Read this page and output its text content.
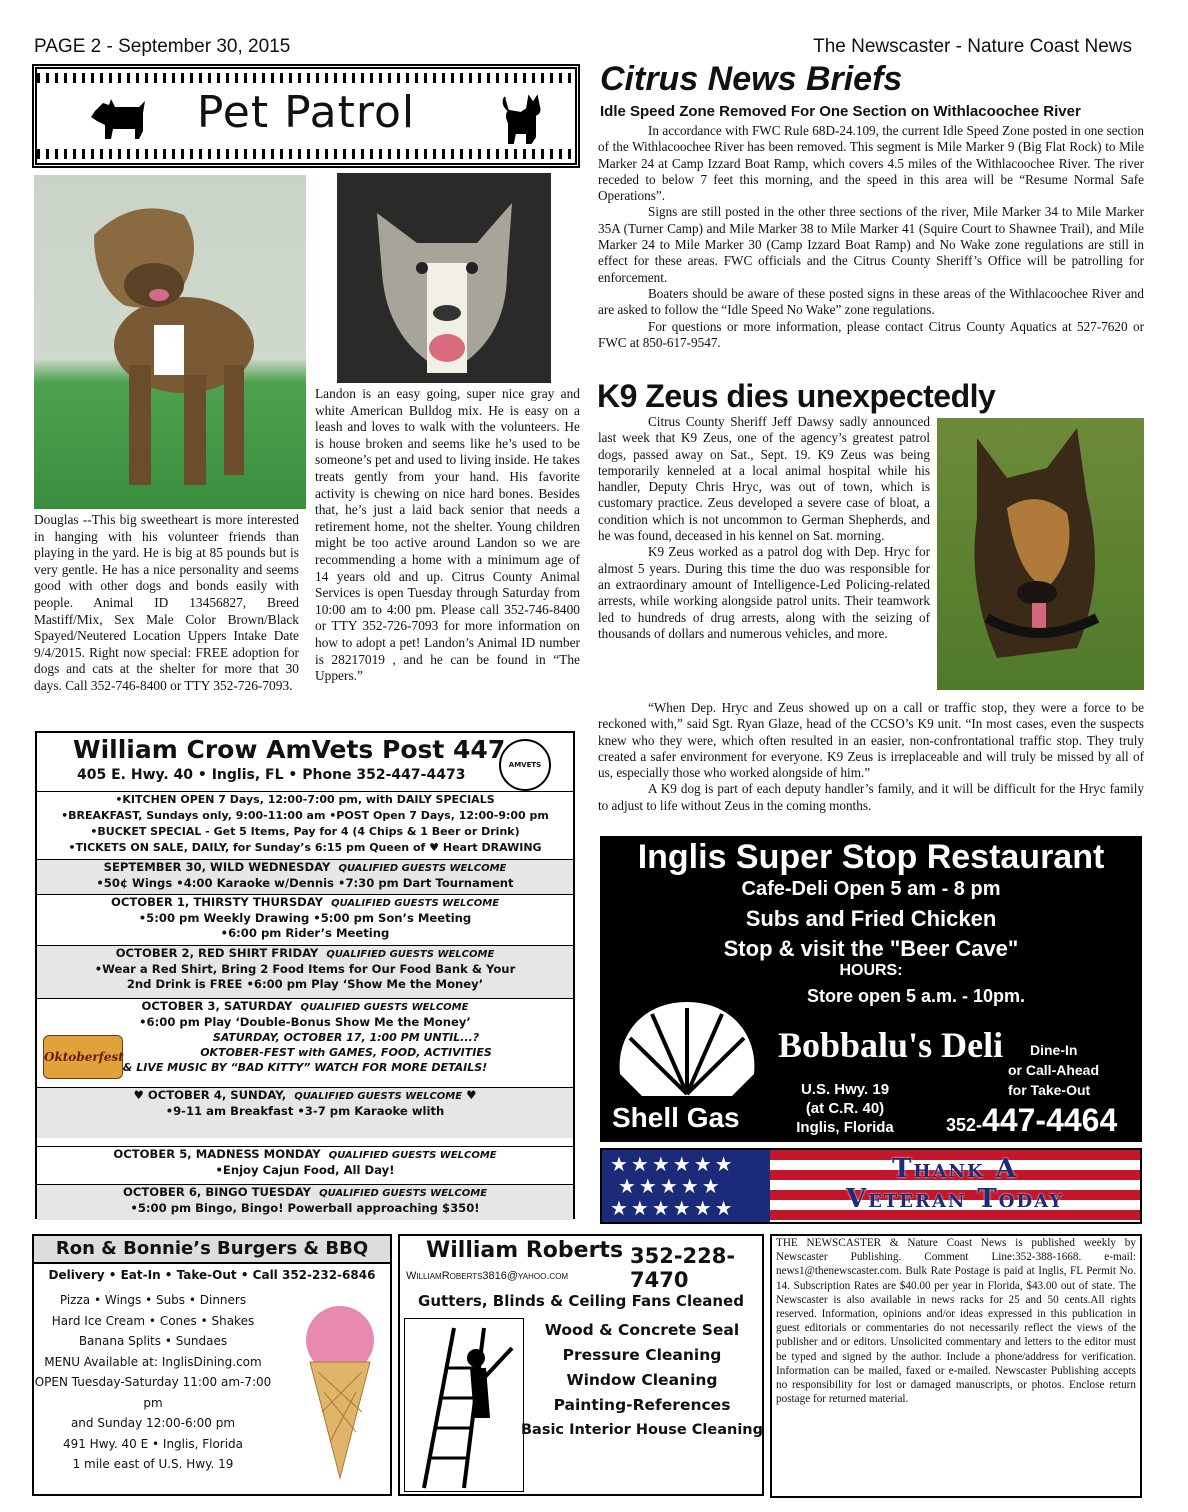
PAGE 2 - September 30, 2015	The Newscaster - Nature Coast News
Pet Patrol
Douglas --This big sweetheart is more interested in hanging with his volunteer friends than playing in the yard. He is big at 85 pounds but is very gentle. He has a nice personality and seems good with other dogs and bonds easily with people. Animal ID 13456827, Breed Mastiff/Mix, Sex Male Color Brown/Black Spayed/Neutered Location Uppers Intake Date 9/4/2015. Right now special: FREE adoption for dogs and cats at the shelter for more that 30 days. Call 352-746-8400 or TTY 352-726-7093.
Landon is an easy going, super nice gray and white American Bulldog mix. He is easy on a leash and loves to walk with the volunteers. He is house broken and seems like he’s used to be someone’s pet and used to living inside. He takes treats gently from your hand. His favorite activity is chewing on nice hard bones. Besides that, he’s just a laid back senior that needs a retirement home, not the shelter. Young children might be too active around Landon so we are recommending a home with a minimum age of 14 years old and up. Citrus County Animal Services is open Tuesday through Saturday from 10:00 am to 4:00 pm. Please call 352-746-8400 or TTY 352-726-7093 for more information on how to adopt a pet! Landon’s Animal ID number is 28217019 , and he can be found in “The Uppers.”
Citrus News Briefs
Idle Speed Zone Removed For One Section on Withlacoochee River

In accordance with FWC Rule 68D-24.109, the current Idle Speed Zone posted in one section of the Withlacoochee River has been removed. This segment is Mile Marker 9 (Big Flat Rock) to Mile Marker 24 at Camp Izzard Boat Ramp, which covers 4.5 miles of the Withlacoochee River. The river receded to below 7 feet this morning, and the speed in this area will be “Resume Normal Safe Operations”.

Signs are still posted in the other three sections of the river, Mile Marker 34 to Mile Marker 35A (Turner Camp) and Mile Marker 38 to Mile Marker 41 (Squire Court to Shawnee Trail), and Mile Marker 24 to Mile Marker 30 (Camp Izzard Boat Ramp) and No Wake zone regulations are still in effect for these areas. FWC officials and the Citrus County Sheriff’s Office will be patrolling for enforcement.

Boaters should be aware of these posted signs in these areas of the Withlacoochee River and are asked to follow the “Idle Speed No Wake” zone regulations.

For questions or more information, please contact Citrus County Aquatics at 527-7620 or FWC at 850-617-9547.

K9 Zeus dies unexpectedly

Citrus County Sheriff Jeff Dawsy sadly announced last week that K9 Zeus, one of the agency’s greatest patrol dogs, passed away on Sat., Sept. 19. K9 Zeus was being temporarily kenneled at a local animal hospital while his handler, Deputy Chris Hryc, was out of town, which is customary practice. Zeus developed a severe case of bloat, a condition which is not uncommon to German Shepherds, and he was found, deceased in his kennel on Sat. morning.

K9 Zeus worked as a patrol dog with Dep. Hryc for almost 5 years. During this time the duo was responsible for an extraordinary amount of Intelligence-Led Policing-related arrests, while working alongside patrol units. Their teamwork led to hundreds of drug arrests, along with the seizing of thousands of dollars and numerous vehicles, and more.

“When Dep. Hryc and Zeus showed up on a call or traffic stop, they were a force to be reckoned with,” said Sgt. Ryan Glaze, head of the CCSO’s K9 unit. “In most cases, even the suspects knew who they were, which often resulted in an easier, non-confrontational traffic stop. They truly created a safer environment for everyone. K9 Zeus is irreplaceable and will truly be missed by all of us, especially those who worked alongside of him.”

A K9 dog is part of each deputy handler’s family, and it will be difficult for the Hryc family to adjust to life without Zeus in the coming months.

William Crow AmVets Post 447
405 E. Hwy. 40 • Inglis, FL • Phone 352-447-4473
AMVETS
•KITCHEN OPEN 7 Days, 12:00-7:00 pm, with DAILY SPECIALS
•BREAKFAST, Sundays only, 9:00-11:00 am •POST Open 7 Days, 12:00-9:00 pm
•BUCKET SPECIAL - Get 5 Items, Pay for 4 (4 Chips & 1 Beer or Drink)
•TICKETS ON SALE, DAILY, for Sunday’s 6:15 pm Queen of ♥ Heart DRAWING
SEPTEMBER 30, WILD WEDNESDAY QUALIFIED GUESTS WELCOME
•50¢ Wings •4:00 Karaoke w/Dennis •7:30 pm Dart Tournament
OCTOBER 1, THIRSTY THURSDAY QUALIFIED GUESTS WELCOME
•5:00 pm Weekly Drawing •5:00 pm Son’s Meeting
•6:00 pm Rider’s Meeting
OCTOBER 2, RED SHIRT FRIDAY QUALIFIED GUESTS WELCOME
•Wear a Red Shirt, Bring 2 Food Items for Our Food Bank & Your
2nd Drink is FREE •6:00 pm Play ‘Show Me the Money’
OCTOBER 3, SATURDAY QUALIFIED GUESTS WELCOME
•6:00 pm Play ‘Double-Bonus Show Me the Money’
Oktoberfest
SATURDAY, OCTOBER 17, 1:00 PM UNTIL...?
OKTOBER-FEST with GAMES, FOOD, ACTIVITIES
& LIVE MUSIC BY “BAD KITTY” WATCH FOR MORE DETAILS!
♥ OCTOBER 4, SUNDAY, QUALIFIED GUESTS WELCOME ♥
•9-11 am Breakfast •3-7 pm Karaoke wlith
OCTOBER 5, MADNESS MONDAY QUALIFIED GUESTS WELCOME
•Enjoy Cajun Food, All Day!
OCTOBER 6, BINGO TUESDAY QUALIFIED GUESTS WELCOME
•5:00 pm Bingo, Bingo! Powerball approaching $350!
Inglis Super Stop Restaurant
Cafe-Deli Open 5 am - 8 pm
Subs and Fried Chicken
Stop & visit the "Beer Cave"
HOURS:
Store open 5 a.m. - 10pm.
Shell Gas
Bobbalu's Deli Dine-In
or Call-Ahead
for Take-Out
U.S. Hwy. 19
(at C.R. 40)
Inglis, Florida	352-447-4464
★★★★★★
★★★★★
★★★★★★
Thank A
Veteran Today
Ron & Bonnie’s Burgers & BBQ
Delivery • Eat-In • Take-Out • Call 352-232-6846
Pizza • Wings • Subs • Dinners
Hard Ice Cream • Cones • Shakes
Banana Splits • Sundaes
MENU Available at: InglisDining.com
OPEN Tuesday-Saturday 11:00 am-7:00 pm
and Sunday 12:00-6:00 pm
491 Hwy. 40 E • Inglis, Florida
1 mile east of U.S. Hwy. 19
William Roberts 352-228-7470
WilliamRoberts3816@yahoo.com
Gutters, Blinds & Ceiling Fans Cleaned
Wood & Concrete Seal
Pressure Cleaning
Window Cleaning
Painting-References
Basic Interior House Cleaning
THE NEWSCASTER & Nature Coast News is published weekly by Newscaster Publishing. Comment Line:352-388-1668. e-mail: news1@thenewscaster.com. Bulk Rate Postage is paid at Inglis, FL Permit No. 14. Subscription Rates are $40.00 per year in Florida, $43.00 out of state. The Newscaster is also available in news racks for 25 and 50 cents.All rights reserved. Information, opinions and/or ideas expressed in this publication in guest editorials or commentaries do not necessarily reflect the views of the publisher and or editors. Unsolicited commentary and letters to the editor must be typed and signed by the author. Include a phone/address for verification. Information can be mailed, faxed or e-mailed. Newscaster Publishing accepts no responsibility for lost or damaged manuscripts, or photos. Enclose return postage for returned material.
